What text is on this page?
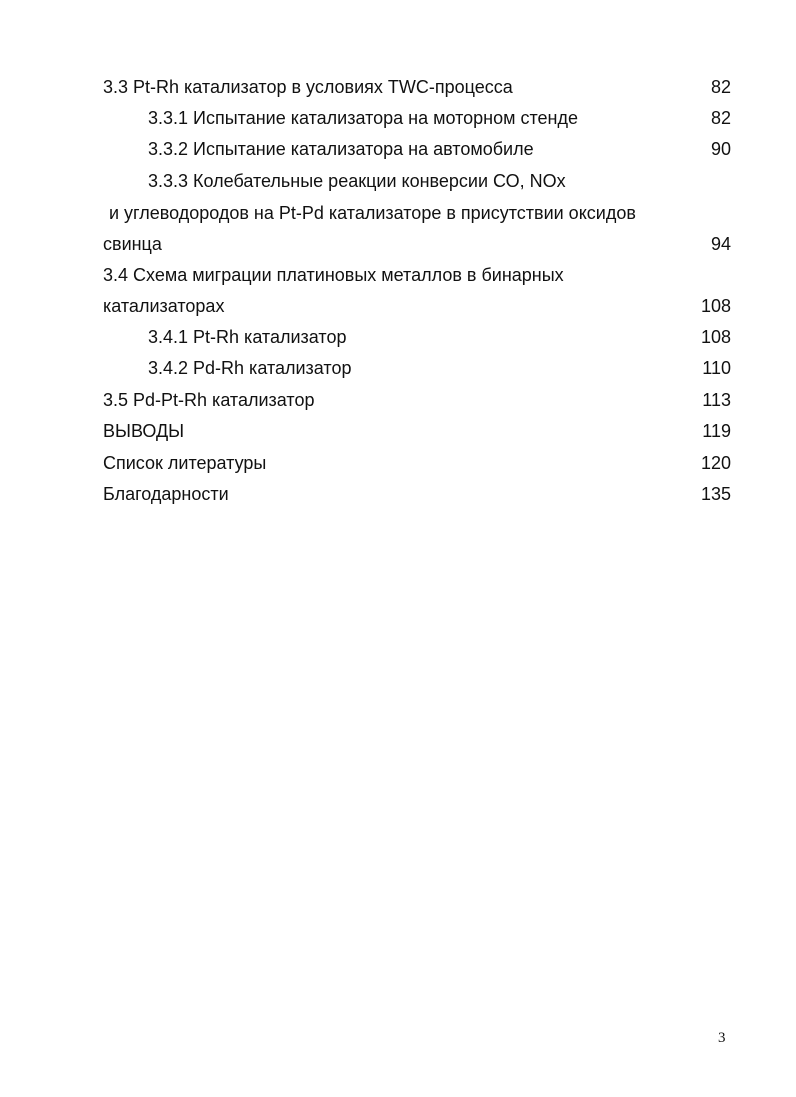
3.3 Pt-Rh катализатор в условиях TWC-процесса	82
3.3.1 Испытание катализатора на моторном стенде	82
3.3.2 Испытание катализатора на автомобиле	90
3.3.3 Колебательные реакции конверсии СО, NOx
и углеводородов на Pt-Pd катализаторе в присутствии оксидов
свинца	94
3.4 Схема миграции платиновых металлов в бинарных
катализаторах	108
3.4.1 Pt-Rh катализатор	108
3.4.2 Pd-Rh катализатор	110
3.5 Pd-Pt-Rh катализатор	113
ВЫВОДЫ	119
Список литературы	120
Благодарности	135
3
